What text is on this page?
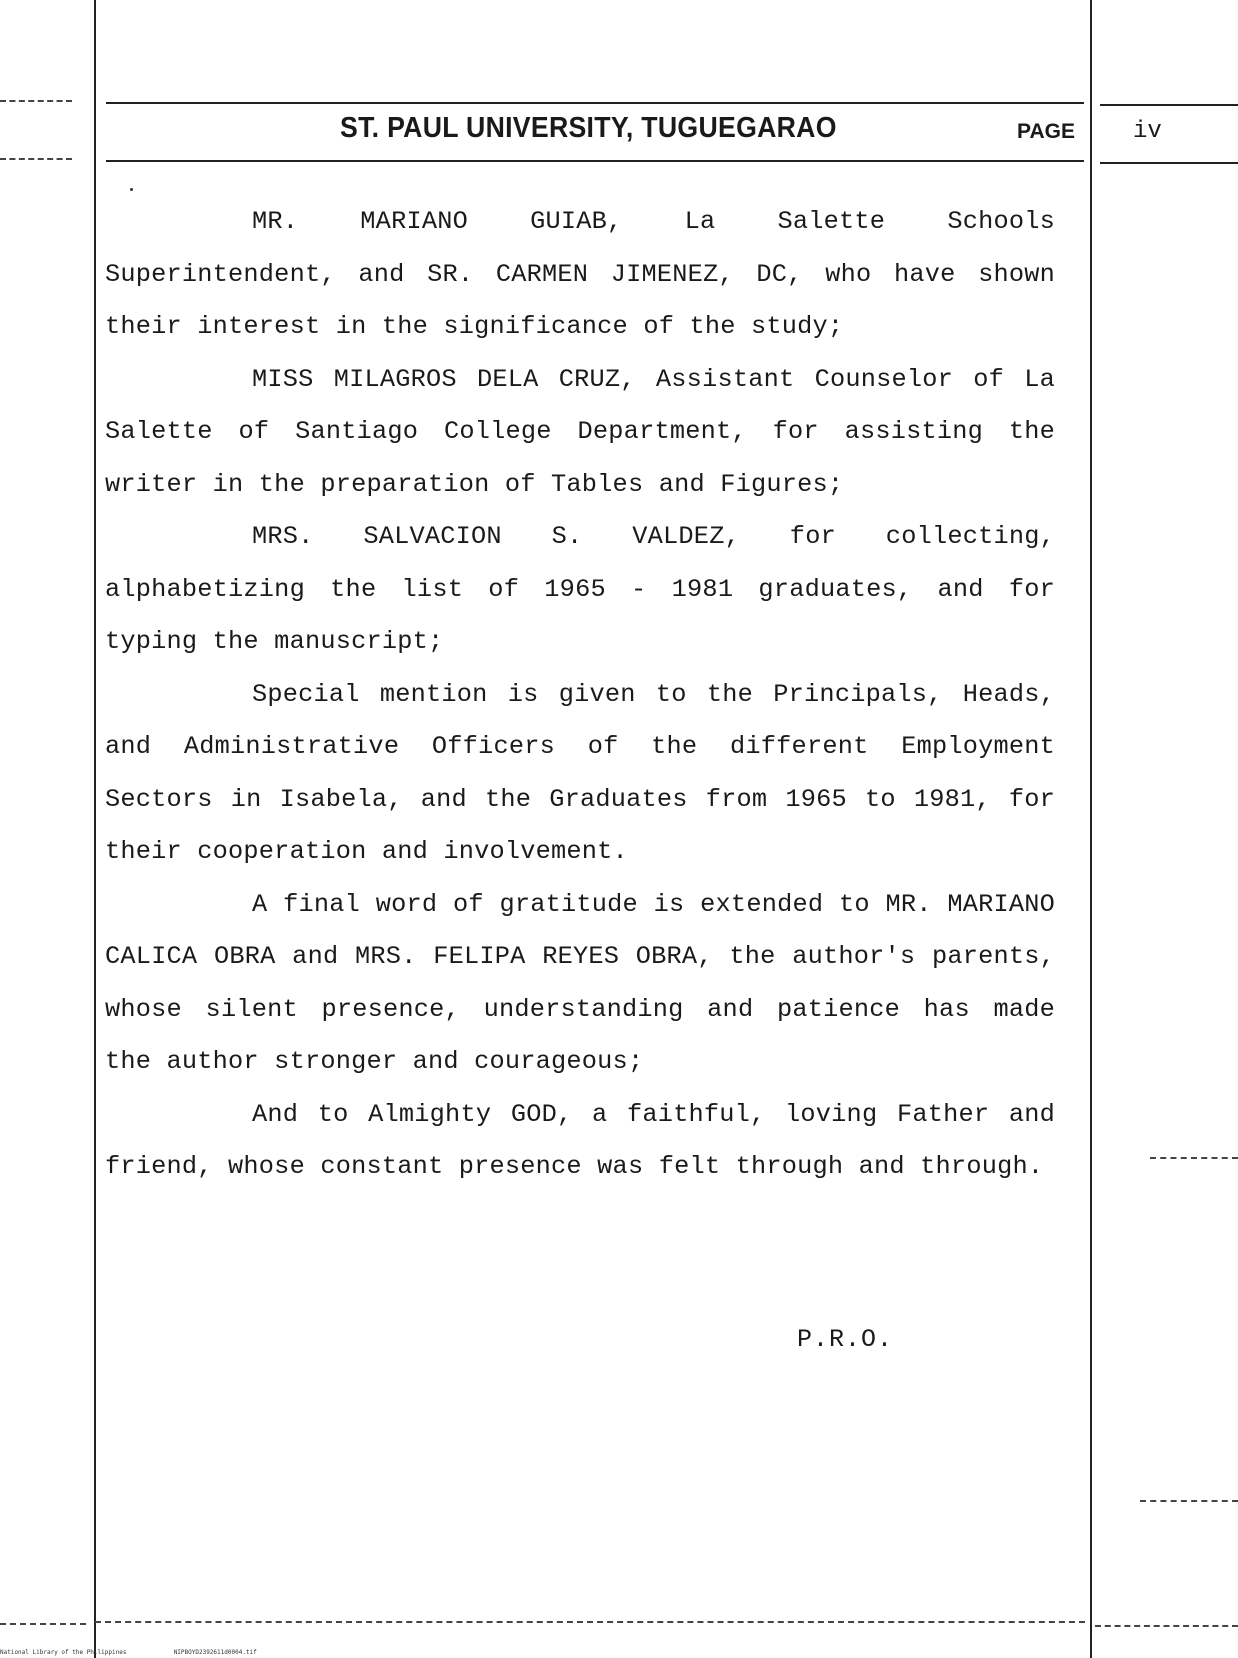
ST. PAUL UNIVERSITY, TUGUEGARAO	PAGE iv

MR. MARIANO GUIAB, La Salette Schools Superintendent, and SR. CARMEN JIMENEZ, DC, who have shown their interest in the significance of the study;

MISS MILAGROS DELA CRUZ, Assistant Counselor of La Salette of Santiago College Department, for assisting the writer in the preparation of Tables and Figures;

MRS. SALVACION S. VALDEZ, for collecting, alphabetizing the list of 1965 - 1981 graduates, and for typing the manuscript;

Special mention is given to the Principals, Heads, and Administrative Officers of the different Employment Sectors in Isabela, and the Graduates from 1965 to 1981, for their cooperation and involvement.

A final word of gratitude is extended to MR. MARIANO CALICA OBRA and MRS. FELIPA REYES OBRA, the author's parents, whose silent presence, understanding and patience has made the author stronger and courageous;

And to Almighty GOD, a faithful, loving Father and friend, whose constant presence was felt through and through.

P.R.O.
National Library of the Philippines	NIPBOYD2392611d0004.tif
